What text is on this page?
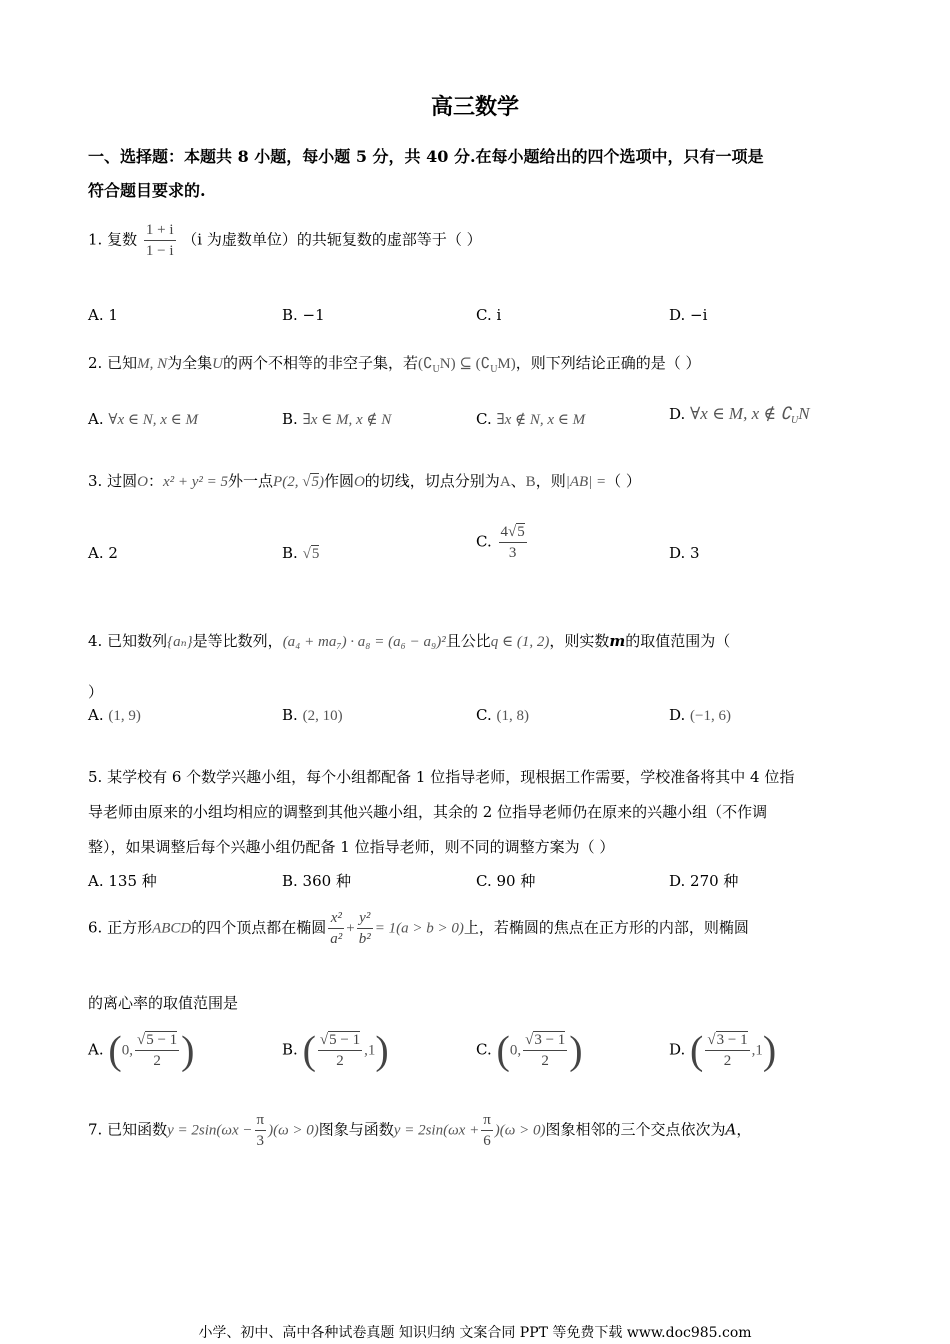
高三数学
一、选择题：本题共 8 小题，每小题 5 分，共 40 分.在每小题给出的四个选项中，只有一项是
符合题目要求的.
1. 复数 $\frac{1 + i}{1 - i} (i$ 为虚数单位）的共轭复数的虚部等于（ ）
A. 1	B. −1	C. i	D. −i
2. 已知M, N为全集U的两个不相等的非空子集，若$(∁_UN)$ ⊆ $(∁_UM)$，则下列结论正确的是（ ）
A. ∀x ∈ N, x ∈ M	B. ∃x ∈ M, x ∉ N	C. ∃x ∉ N, x ∈ M	D. ∀x ∈ M, x ∉ $∁_UN$
3. 过圆O：x² + y² = 5外一点P(2, √5)作圆O的切线，切点分别为A、B，则|AB| =（ ）
A. 2	B. √5
C. $\frac{4√5}{3}$	D. 3
4. 已知数列{aₙ}是等比数列，(a₄ + ma₇) · a₈ = (a₆ − a₉)²且公比q ∈ (1, 2)，则实数m的取值范围为（
）
A. (1, 9)	B. (2, 10)	C. (1, 8)	D. (−1, 6)
5. 某学校有 6 个数学兴趣小组，每个小组都配备 1 位指导老师，现根据工作需要，学校准备将其中 4 位指
导老师由原来的小组均相应的调整到其他兴趣小组，其余的 2 位指导老师仍在原来的兴趣小组（不作调
整），如果调整后每个兴趣小组仍配备 1 位指导老师，则不同的调整方案为（ ）
A. 135 种	B. 360 种	C. 90 种	D. 270 种
6. 正方形ABCD的四个顶点都在椭圆 $\frac{\text{x²}}{\text{a²}} + \frac{\text{y²}}{\text{b²}} = 1(a > b > 0)$上，若椭圆的焦点在正方形的内部，则椭圆
的离心率的取值范围是
A. (0, $\frac{√5 - 1}{2}$ )	B. ( $\frac{√5 - 1}{2} ,1$)	C. (0, $\frac{√3 - 1}{2}$ )	D. ( $\frac{√3 - 1}{2} ,1$)
7. 已知函数$y = 2\sin(\omega x - \frac{\pi}{3} )(\omega > 0)$图象与函数$y = 2\sin(\omega x + \frac{\pi}{6} )(\omega > 0)$图象相邻的三个交点依次为A，
小学、初中、高中各种试卷真题 知识归纳 文案合同 PPT 等免费下载 www.doc985.com
